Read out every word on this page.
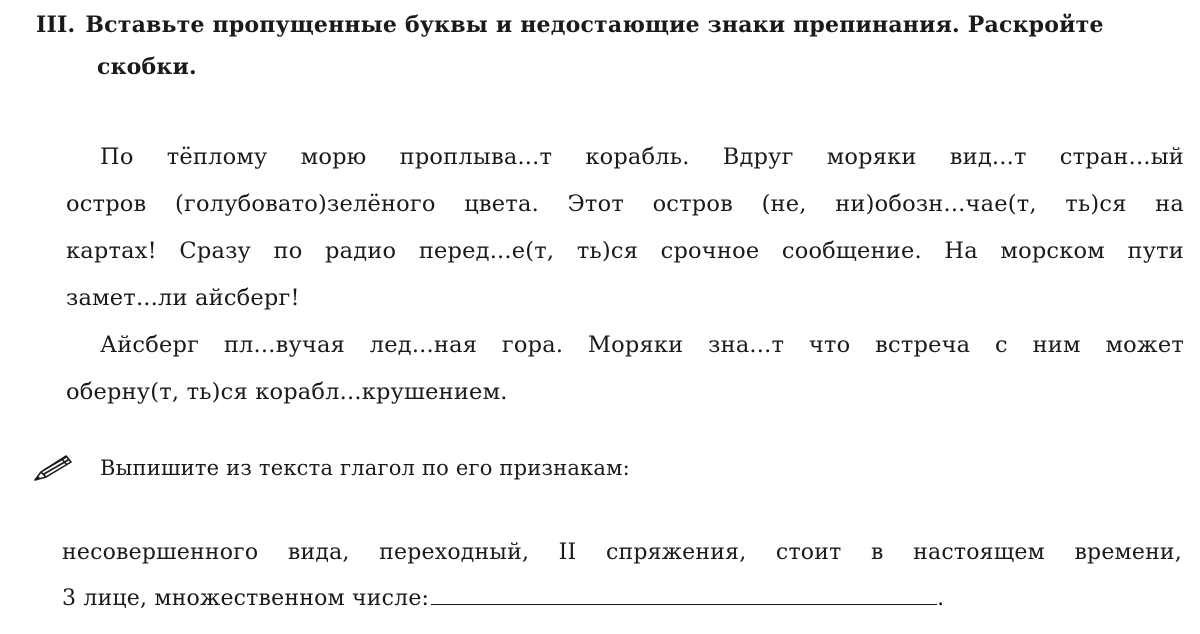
III. Вставьте пропущенные буквы и недостающие знаки препинания. Раскройте
скобки.
По тёплому морю проплыва...т корабль. Вдруг моряки вид...т стран...ый
остров (голубовато)зелёного цвета. Этот остров (не, ни)обозн...чае(т, ть)ся на
картах! Сразу по радио перед...е(т, ть)ся срочное сообщение. На морском пути
замет...ли айсберг!
Айсберг пл...вучая лед...ная гора. Моряки зна...т что встреча с ним может
оберну(т, ть)ся корабл...крушением.
Выпишите из текста глагол по его признакам:
несовершенного вида, переходный, II спряжения, стоит в настоящем времени,
3 лице, множественном числе:	.
